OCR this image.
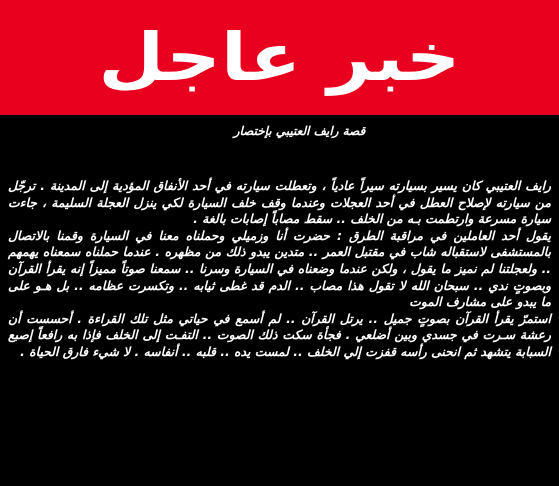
خبر عاجل
قصة رايف العتيبي بإختصار

رايف العتيبي كان يسير بسيارته سيراً عادياً ، وتعطلت سيارته في أحد الأنفاق المؤدية إلى المدينة . ترجّل من سيارته لإصلاح العطل في أحد العجلات وعندما وقف خلف السيارة لكي ينزل العجلة السليمة ، جاءت سيارة مسرعة وارتطمت بـه من الخلف .. سقط مصاباً إصابات بالغة .

يقول أحد العاملين في مراقبة الطرق : حضرت أنا وزميلي وحملناه معنا في السيارة وقمنا بالاتصال بالمستشفى لاستقباله شاب في مقتبل العمر .. متدين يبدو ذلك من مظهره . عندما حملناه سمعناه يهمهم .. ولعجلتنا لم نميز ما يقول ، ولكن عندما وضعناه في السيارة وسرنا .. سمعنا صوتاً مميزاً إنه يقرأ القرآن وبصوتٍ ندي .. سبحان الله لا تقول هذا مصاب .. الدم قد غطى ثيابه .. وتكسرت عظامه .. بل هـو على ما يبدو على مشارف الموت

استمرّ يقرأ القرآن بصوتٍ جميل .. يرتل القرآن .. لم أسمع في حياتي مثل تلك القراءة . أحسست أن رعشة سـرت في جسدي وبين أضلعي . فجأة سكت ذلك الصوت .. التفـت إلى الخلف فإذا به رافعاً إصبع السبابة يتشهد ثم انحنى رأسه قفزت إلي الخلف .. لمست يده .. قلبه .. أنفاسه . لا شيء فارق الحياة .
